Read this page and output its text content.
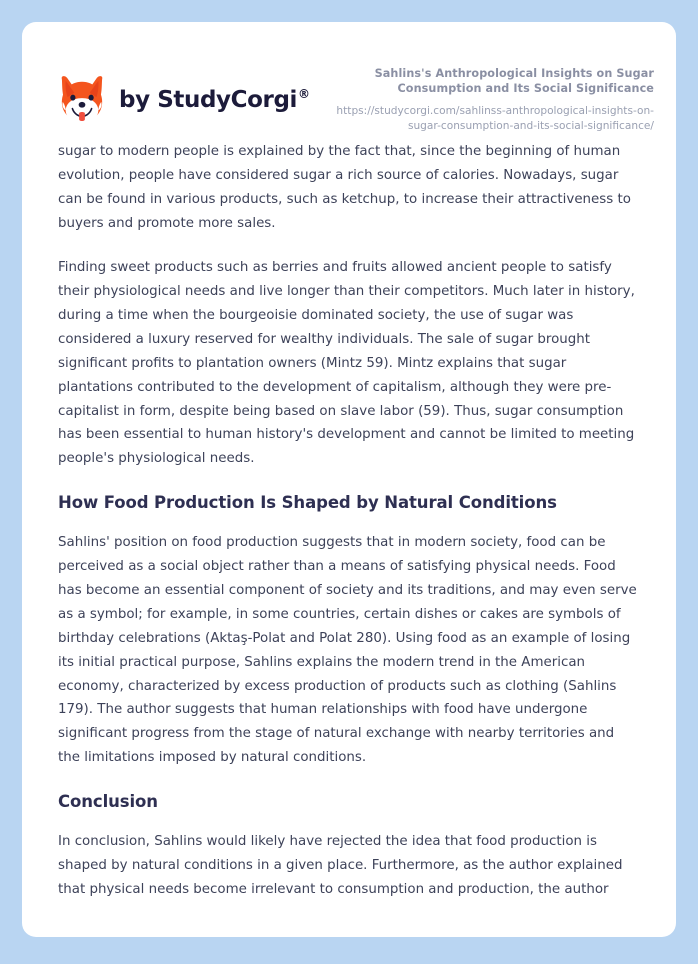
by StudyCorgi®
Sahlins's Anthropological Insights on Sugar Consumption and Its Social Significance
https://studycorgi.com/sahlinss-anthropological-insights-on-sugar-consumption-and-its-social-significance/

sugar to modern people is explained by the fact that, since the beginning of human evolution, people have considered sugar a rich source of calories. Nowadays, sugar can be found in various products, such as ketchup, to increase their attractiveness to buyers and promote more sales.

Finding sweet products such as berries and fruits allowed ancient people to satisfy their physiological needs and live longer than their competitors. Much later in history, during a time when the bourgeoisie dominated society, the use of sugar was considered a luxury reserved for wealthy individuals. The sale of sugar brought significant profits to plantation owners (Mintz 59). Mintz explains that sugar plantations contributed to the development of capitalism, although they were pre-capitalist in form, despite being based on slave labor (59). Thus, sugar consumption has been essential to human history's development and cannot be limited to meeting people's physiological needs.

How Food Production Is Shaped by Natural Conditions

Sahlins' position on food production suggests that in modern society, food can be perceived as a social object rather than a means of satisfying physical needs. Food has become an essential component of society and its traditions, and may even serve as a symbol; for example, in some countries, certain dishes or cakes are symbols of birthday celebrations (Aktaş-Polat and Polat 280). Using food as an example of losing its initial practical purpose, Sahlins explains the modern trend in the American economy, characterized by excess production of products such as clothing (Sahlins 179). The author suggests that human relationships with food have undergone significant progress from the stage of natural exchange with nearby territories and the limitations imposed by natural conditions.

Conclusion

In conclusion, Sahlins would likely have rejected the idea that food production is shaped by natural conditions in a given place. Furthermore, as the author explained that physical needs become irrelevant to consumption and production, the author
